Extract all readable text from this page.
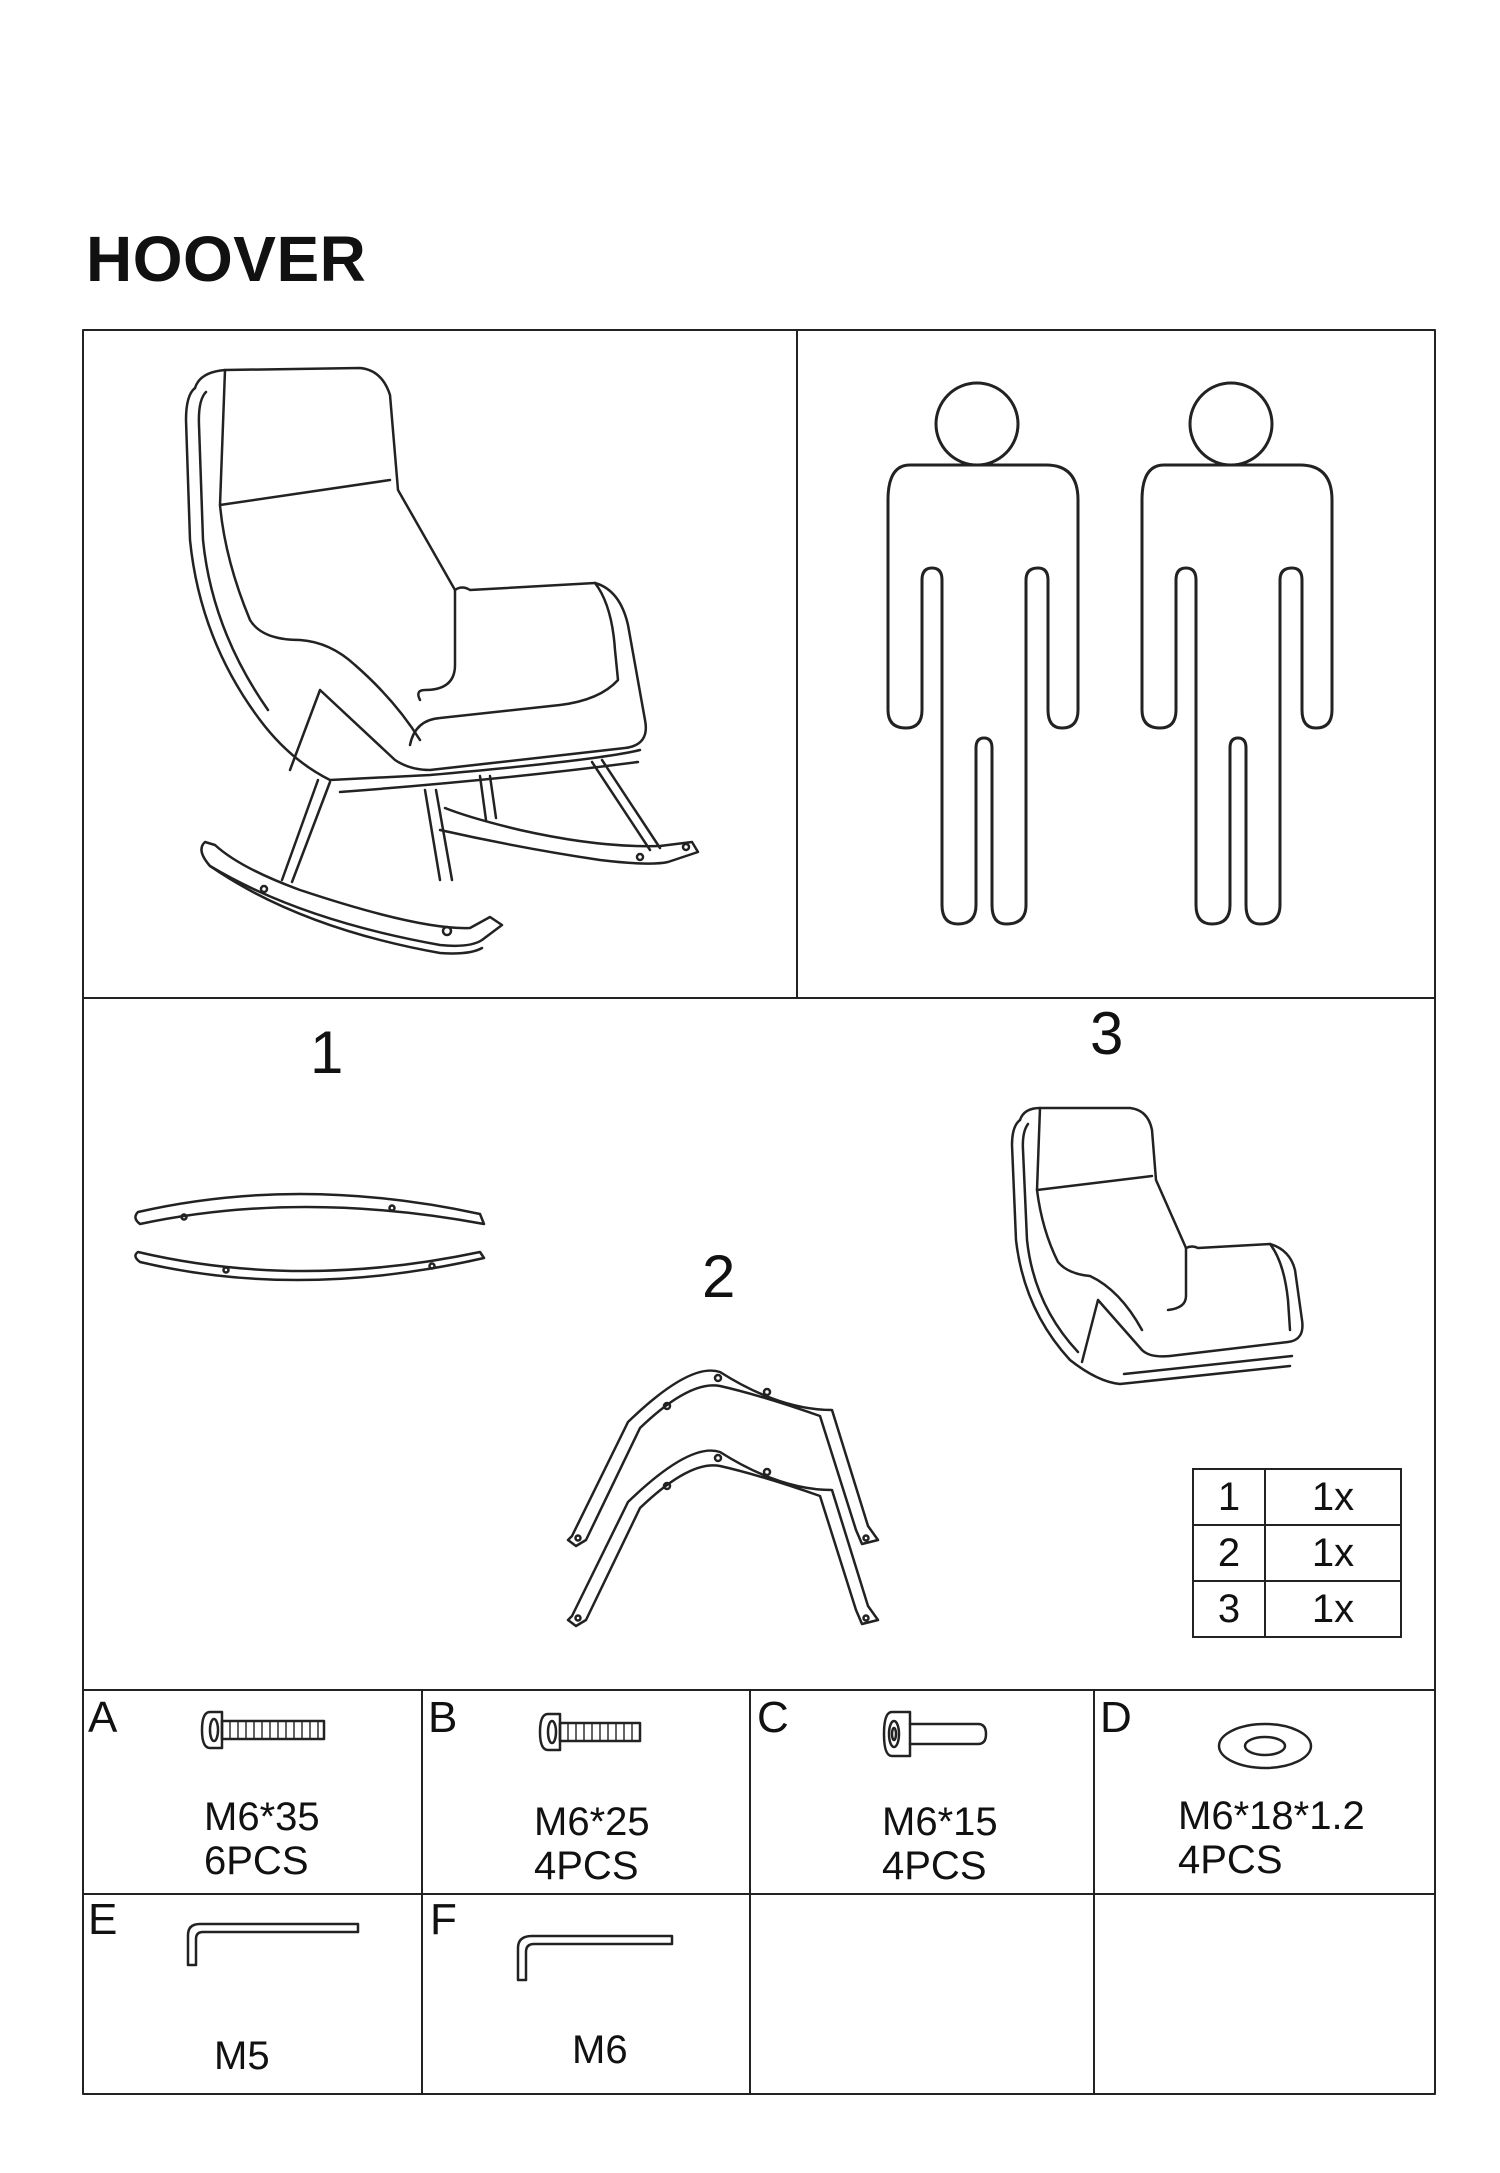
HOOVER
1
2
3
1	1x
2	1x
3	1x
A
M6*35
6PCS
B
M6*25
4PCS
C
M6*15
4PCS
D
M6*18*1.2
4PCS
E
M5
F
M6
